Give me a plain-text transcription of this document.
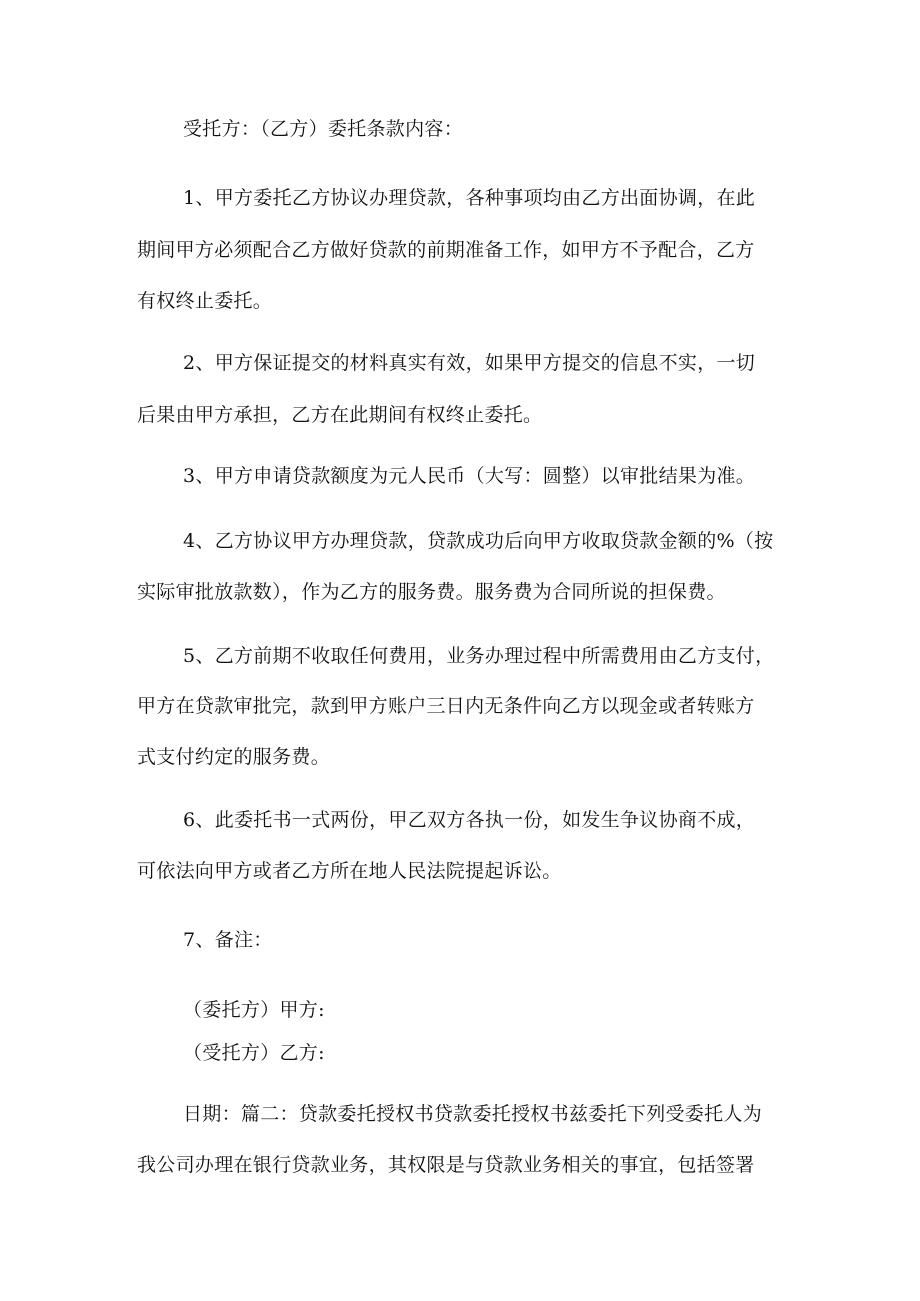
受托方：（乙方）委托条款内容：
1、甲方委托乙方协议办理贷款，各种事项均由乙方出面协调，在此
期间甲方必须配合乙方做好贷款的前期准备工作，如甲方不予配合，乙方
有权终止委托。
2、甲方保证提交的材料真实有效，如果甲方提交的信息不实，一切
后果由甲方承担，乙方在此期间有权终止委托。
3、甲方申请贷款额度为元人民币（大写：圆整）以审批结果为准。
4、乙方协议甲方办理贷款，贷款成功后向甲方收取贷款金额的%（按
实际审批放款数），作为乙方的服务费。服务费为合同所说的担保费。
5、乙方前期不收取任何费用，业务办理过程中所需费用由乙方支付，
甲方在贷款审批完，款到甲方账户三日内无条件向乙方以现金或者转账方
式支付约定的服务费。
6、此委托书一式两份，甲乙双方各执一份，如发生争议协商不成，
可依法向甲方或者乙方所在地人民法院提起诉讼。
7、备注：
（委托方）甲方:
（受托方）乙方:
日期：篇二：贷款委托授权书贷款委托授权书兹委托下列受委托人为
我公司办理在银行贷款业务，其权限是与贷款业务相关的事宜，包括签署
